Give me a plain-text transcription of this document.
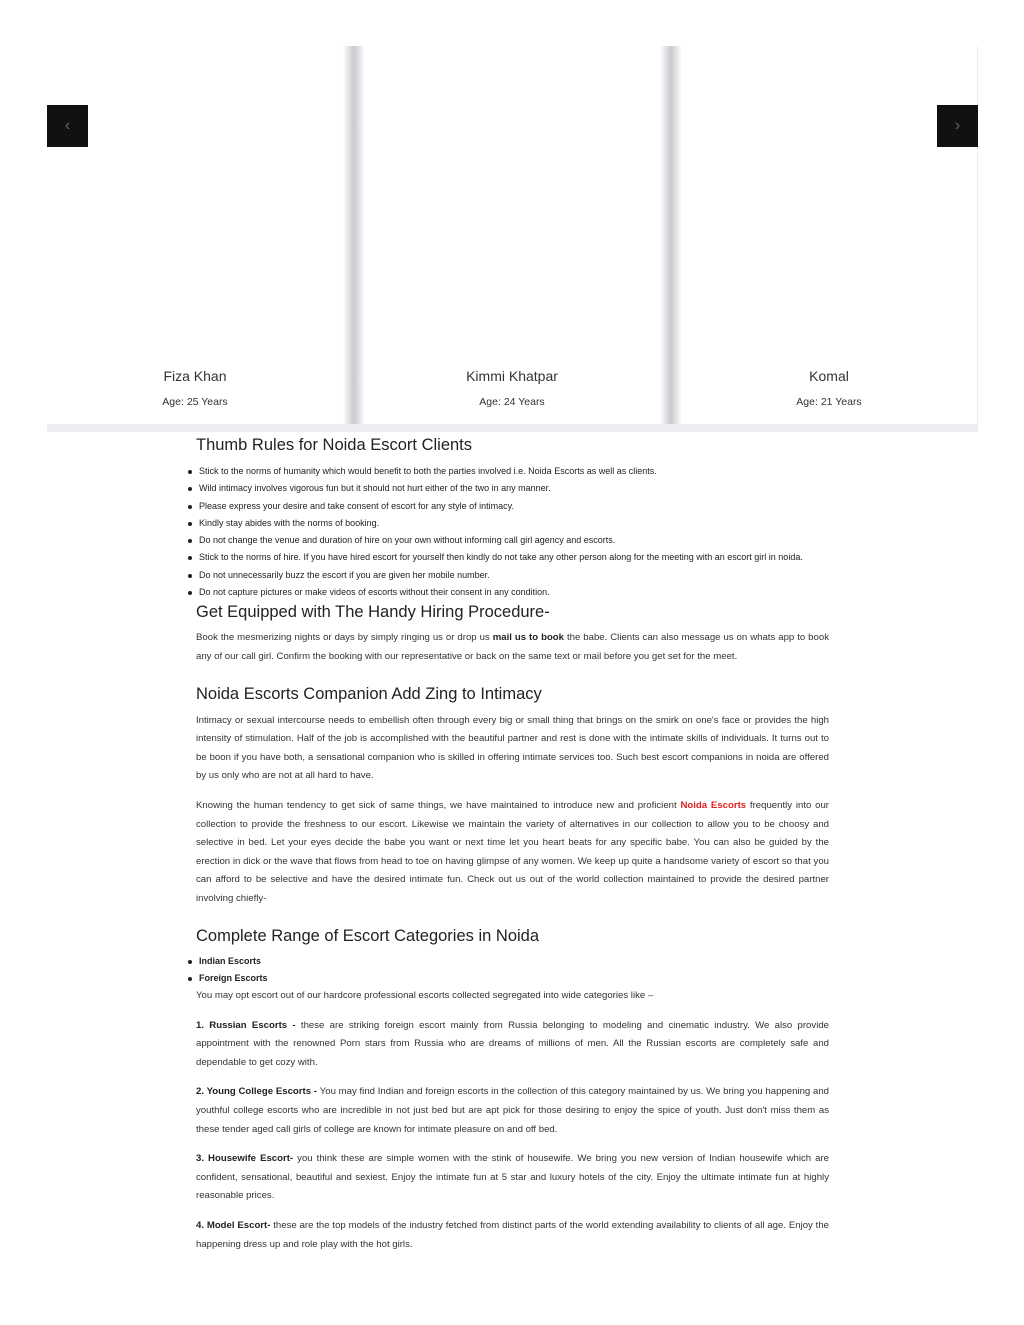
Fiza Khan
Age: 25 Years
Kimmi Khatpar
Age: 24 Years
Komal
Age: 21 Years
‹	›
Thumb Rules for Noida Escort Clients
Stick to the norms of humanity which would benefit to both the parties involved i.e. Noida Escorts as well as clients.
Wild intimacy involves vigorous fun but it should not hurt either of the two in any manner.
Please express your desire and take consent of escort for any style of intimacy.
Kindly stay abides with the norms of booking.
Do not change the venue and duration of hire on your own without informing call girl agency and escorts.
Stick to the norms of hire. If you have hired escort for yourself then kindly do not take any other person along for the meeting with an escort girl in noida.
Do not unnecessarily buzz the escort if you are given her mobile number.
Do not capture pictures or make videos of escorts without their consent in any condition.
Get Equipped with The Handy Hiring Procedure-

Book the mesmerizing nights or days by simply ringing us or drop us mail us to book the babe. Clients can also message us on whats app to book any of our call girl. Confirm the booking with our representative or back on the same text or mail before you get set for the meet.

Noida Escorts Companion Add Zing to Intimacy

Intimacy or sexual intercourse needs to embellish often through every big or small thing that brings on the smirk on one's face or provides the high intensity of stimulation. Half of the job is accomplished with the beautiful partner and rest is done with the intimate skills of individuals. It turns out to be boon if you have both, a sensational companion who is skilled in offering intimate services too. Such best escort companions in noida are offered by us only who are not at all hard to have.

Knowing the human tendency to get sick of same things, we have maintained to introduce new and proficient Noida Escorts frequently into our collection to provide the freshness to our escort. Likewise we maintain the variety of alternatives in our collection to allow you to be choosy and selective in bed. Let your eyes decide the babe you want or next time let you heart beats for any specific babe. You can also be guided by the erection in dick or the wave that flows from head to toe on having glimpse of any women. We keep up quite a handsome variety of escort so that you can afford to be selective and have the desired intimate fun. Check out us out of the world collection maintained to provide the desired partner involving chiefly-

Complete Range of Escort Categories in Noida
Indian Escorts
Foreign Escorts

You may opt escort out of our hardcore professional escorts collected segregated into wide categories like –

1. Russian Escorts - these are striking foreign escort mainly from Russia belonging to modeling and cinematic industry. We also provide appointment with the renowned Porn stars from Russia who are dreams of millions of men. All the Russian escorts are completely safe and dependable to get cozy with.

2. Young College Escorts - You may find Indian and foreign escorts in the collection of this category maintained by us. We bring you happening and youthful college escorts who are incredible in not just bed but are apt pick for those desiring to enjoy the spice of youth. Just don't miss them as these tender aged call girls of college are known for intimate pleasure on and off bed.

3. Housewife Escort- you think these are simple women with the stink of housewife. We bring you new version of Indian housewife which are confident, sensational, beautiful and sexiest. Enjoy the intimate fun at 5 star and luxury hotels of the city. Enjoy the ultimate intimate fun at highly reasonable prices.

4. Model Escort- these are the top models of the industry fetched from distinct parts of the world extending availability to clients of all age. Enjoy the happening dress up and role play with the hot girls.
